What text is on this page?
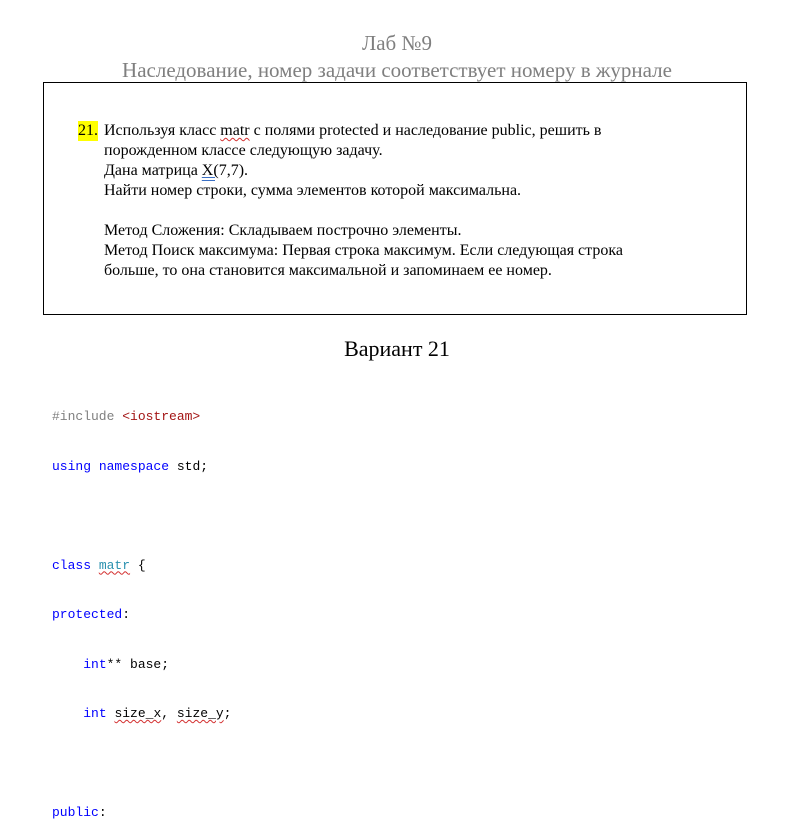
Лаб №9
Наследование, номер задачи соответствует номеру в журнале
21. Используя класс matr с полями protected и наследование public, решить в
порожденном классе следующую задачу.
Дана матрица X(7,7).
Найти номер строки, сумма элементов которой максимальна.
Метод Сложения: Складываем построчно элементы.
Метод Поиск максимума: Первая строка максимум. Если следующая строка
больше, то она становится максимальной и запоминаем ее номер.
Вариант 21

#include <iostream>

using namespace std;

class matr {

protected:

int** base;

int size_x, size_y;

public:
